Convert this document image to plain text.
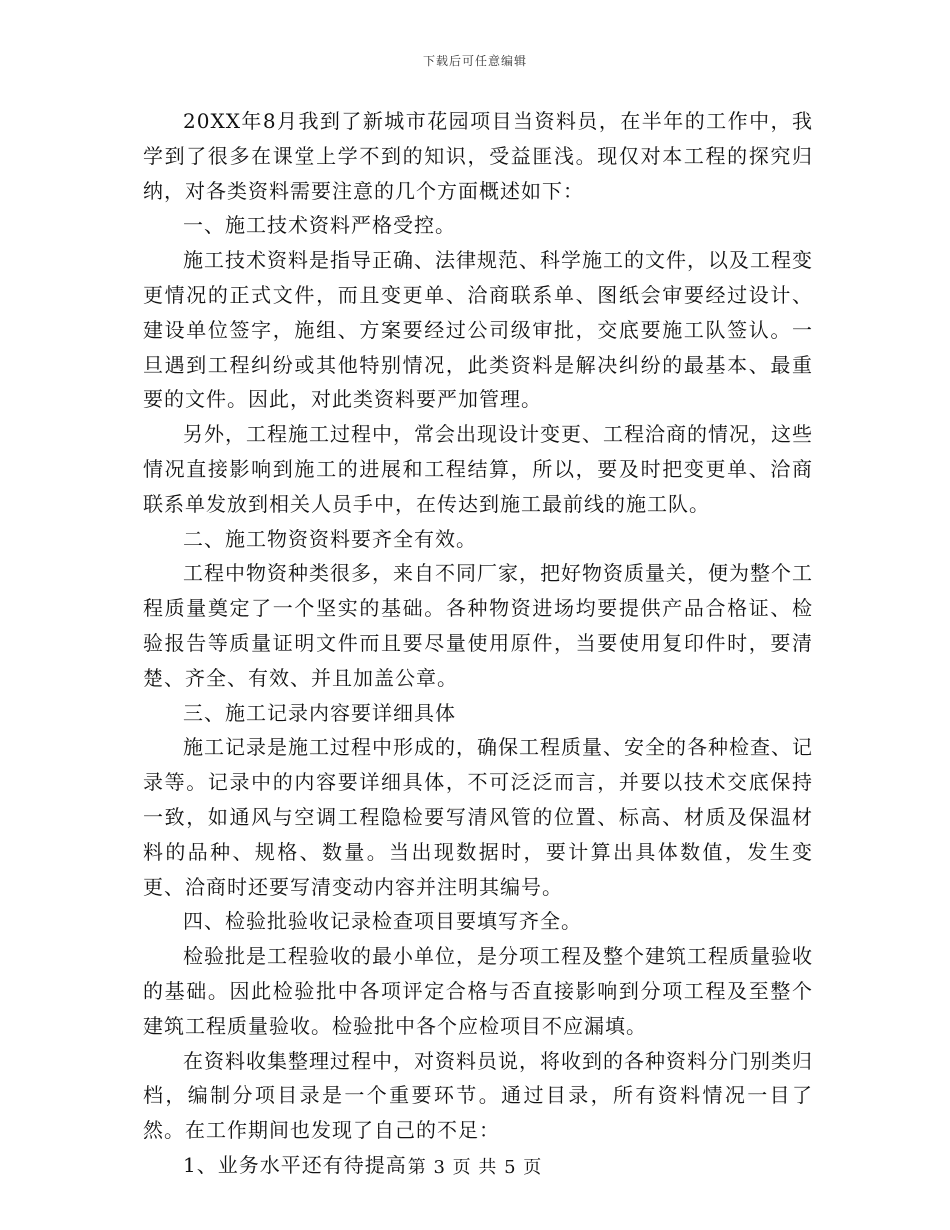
下载后可任意编辑

20XX年8月我到了新城市花园项目当资料员，在半年的工作中，我学到了很多在课堂上学不到的知识，受益匪浅。现仅对本工程的探究归纳，对各类资料需要注意的几个方面概述如下：

一、施工技术资料严格受控。

施工技术资料是指导正确、法律规范、科学施工的文件，以及工程变更情况的正式文件，而且变更单、洽商联系单、图纸会审要经过设计、建设单位签字，施组、方案要经过公司级审批，交底要施工队签认。一旦遇到工程纠纷或其他特别情况，此类资料是解决纠纷的最基本、最重要的文件。因此，对此类资料要严加管理。

另外，工程施工过程中，常会出现设计变更、工程洽商的情况，这些情况直接影响到施工的进展和工程结算，所以，要及时把变更单、洽商联系单发放到相关人员手中，在传达到施工最前线的施工队。

二、施工物资资料要齐全有效。

工程中物资种类很多，来自不同厂家，把好物资质量关，便为整个工程质量奠定了一个坚实的基础。各种物资进场均要提供产品合格证、检验报告等质量证明文件而且要尽量使用原件，当要使用复印件时，要清楚、齐全、有效、并且加盖公章。

三、施工记录内容要详细具体

施工记录是施工过程中形成的，确保工程质量、安全的各种检查、记录等。记录中的内容要详细具体，不可泛泛而言，并要以技术交底保持一致，如通风与空调工程隐检要写清风管的位置、标高、材质及保温材料的品种、规格、数量。当出现数据时，要计算出具体数值，发生变更、洽商时还要写清变动内容并注明其编号。

四、检验批验收记录检查项目要填写齐全。

检验批是工程验收的最小单位，是分项工程及整个建筑工程质量验收的基础。因此检验批中各项评定合格与否直接影响到分项工程及至整个建筑工程质量验收。检验批中各个应检项目不应漏填。

在资料收集整理过程中，对资料员说，将收到的各种资料分门别类归档，编制分项目录是一个重要环节。通过目录，所有资料情况一目了然。在工作期间也发现了自己的不足：

1、业务水平还有待提高 第 3 页 共 5 页
